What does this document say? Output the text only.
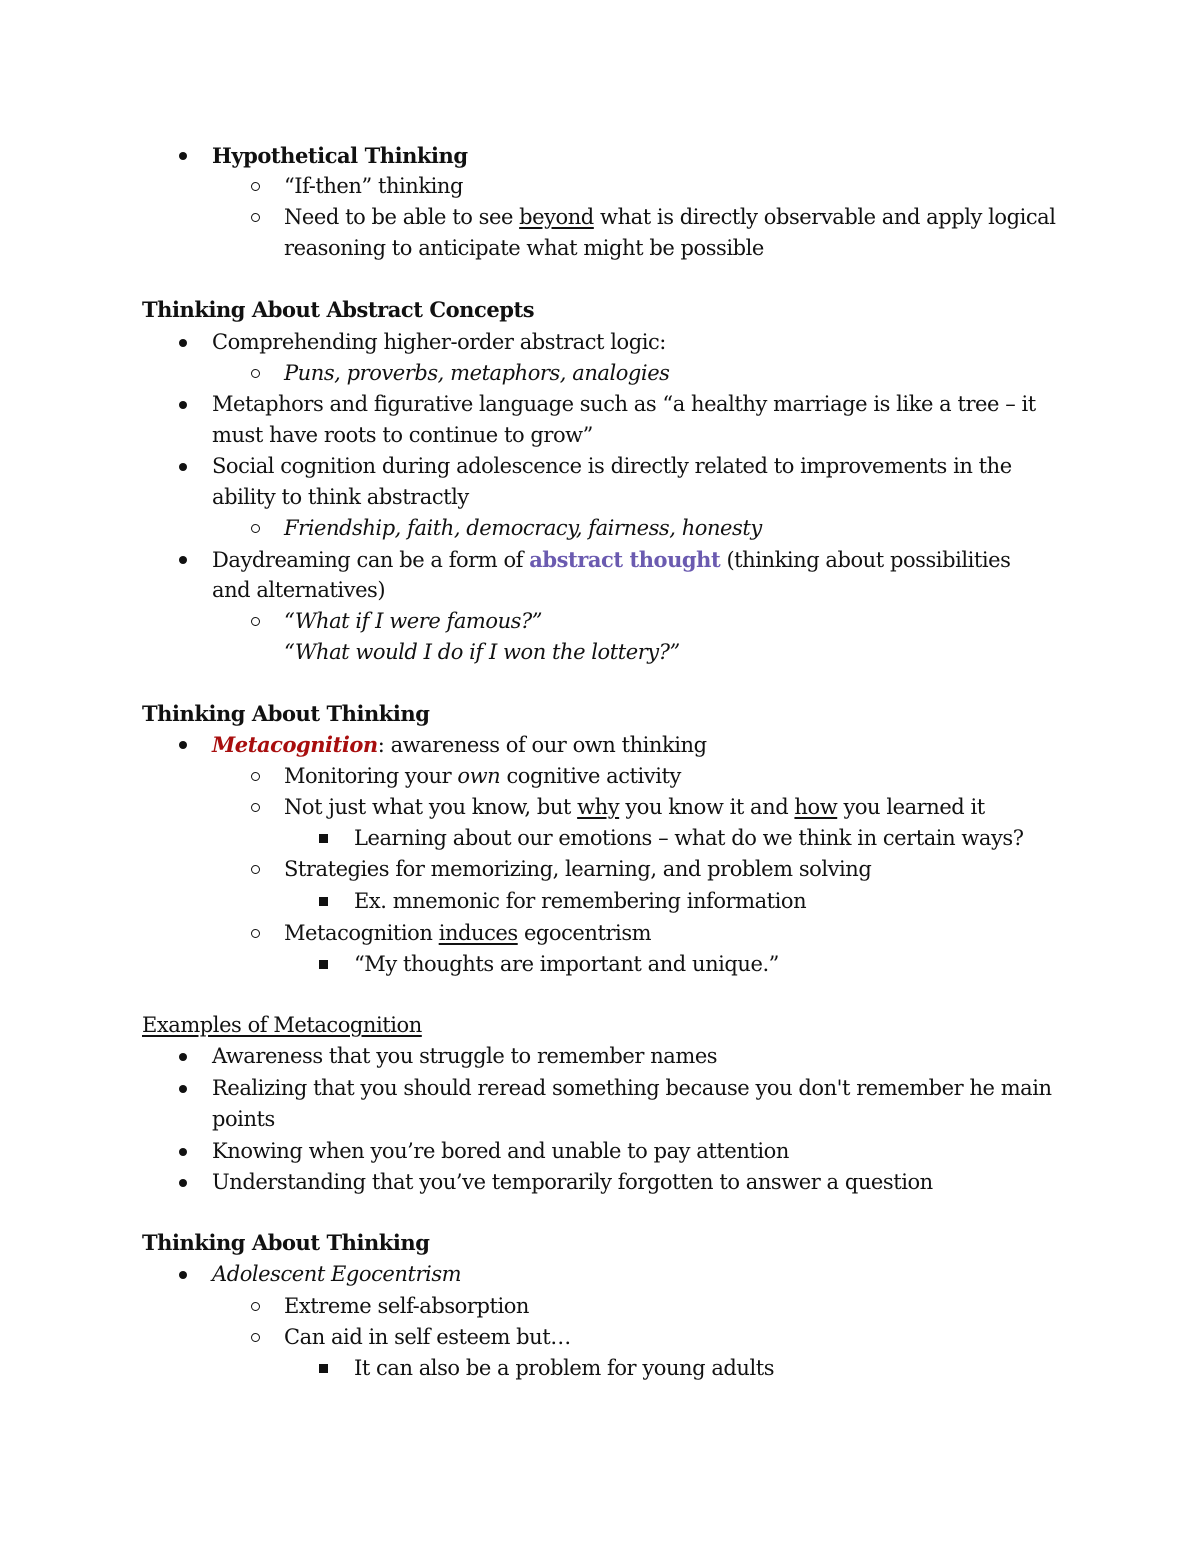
Hypothetical Thinking
“If-then” thinking
Need to be able to see beyond what is directly observable and apply logical
reasoning to anticipate what might be possible
Thinking About Abstract Concepts
Comprehending higher-order abstract logic:
Puns, proverbs, metaphors, analogies
Metaphors and figurative language such as “a healthy marriage is like a tree – it
must have roots to continue to grow”
Social cognition during adolescence is directly related to improvements in the
ability to think abstractly
Friendship, faith, democracy, fairness, honesty
Daydreaming can be a form of abstract thought (thinking about possibilities
and alternatives)
“What if I were famous?”
“What would I do if I won the lottery?”
Thinking About Thinking
Metacognition: awareness of our own thinking
Monitoring your own cognitive activity
Not just what you know, but why you know it and how you learned it
Learning about our emotions – what do we think in certain ways?
Strategies for memorizing, learning, and problem solving
Ex. mnemonic for remembering information
Metacognition induces egocentrism
“My thoughts are important and unique.”
Examples of Metacognition
Awareness that you struggle to remember names
Realizing that you should reread something because you don't remember he main
points
Knowing when you’re bored and unable to pay attention
Understanding that you’ve temporarily forgotten to answer a question
Thinking About Thinking
Adolescent Egocentrism
Extreme self-absorption
Can aid in self esteem but…
It can also be a problem for young adults
